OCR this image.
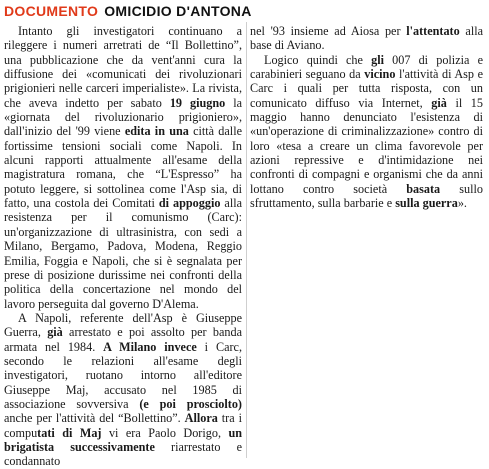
DOCUMENTO OMICIDIO D'ANTONA

Intanto gli investigatori continuano a rileggere i numeri arretrati de “Il Bollettino”, una pubblicazione che da vent'anni cura la diffusione dei «comunicati dei rivoluzionari prigionieri nelle carceri imperialiste». La rivista, che aveva indetto per sabato 19 giugno la «giornata del rivoluzionario prigioniero», dall'inizio del '99 viene edita in una città dalle fortissime tensioni sociali come Napoli. In alcuni rapporti attualmente all'esame della magistratura romana, che “L'Espresso” ha potuto leggere, si sottolinea come l'Asp sia, di fatto, una costola dei Comitati di appoggio alla resistenza per il comunismo (Carc): un'organizzazione di ultrasinistra, con sedi a Milano, Bergamo, Padova, Modena, Reggio Emilia, Foggia e Napoli, che si è segnalata per prese di posizione durissime nei confronti della politica della concertazione nel mondo del lavoro perseguita dal governo D'Alema.

A Napoli, referente dell'Asp è Giuseppe Guerra, già arrestato e poi assolto per banda armata nel 1984. A Milano invece i Carc, secondo le relazioni all'esame degli investigatori, ruotano intorno all'editore Giuseppe Maj, accusato nel 1985 di associazione sovversiva (e poi prosciolto) anche per l'attività del “Bollettino”. Allora tra i computati di Maj vi era Paolo Dorigo, un brigatista successivamente riarrestato e condannato

nel '93 insieme ad Aiosa per l'attentato alla base di Aviano.

Logico quindi che gli 007 di polizia e carabinieri seguano da vicino l'attività di Asp e Carc i quali per tutta risposta, con un comunicato diffuso via Internet, già il 15 maggio hanno denunciato l'esistenza di «un'operazione di criminalizzazione» contro di loro «tesa a creare un clima favorevole per azioni repressive e d'intimidazione nei confronti di compagni e organismi che da anni lottano contro società basata sullo sfruttamento, sulla barbarie e sulla guerra».
